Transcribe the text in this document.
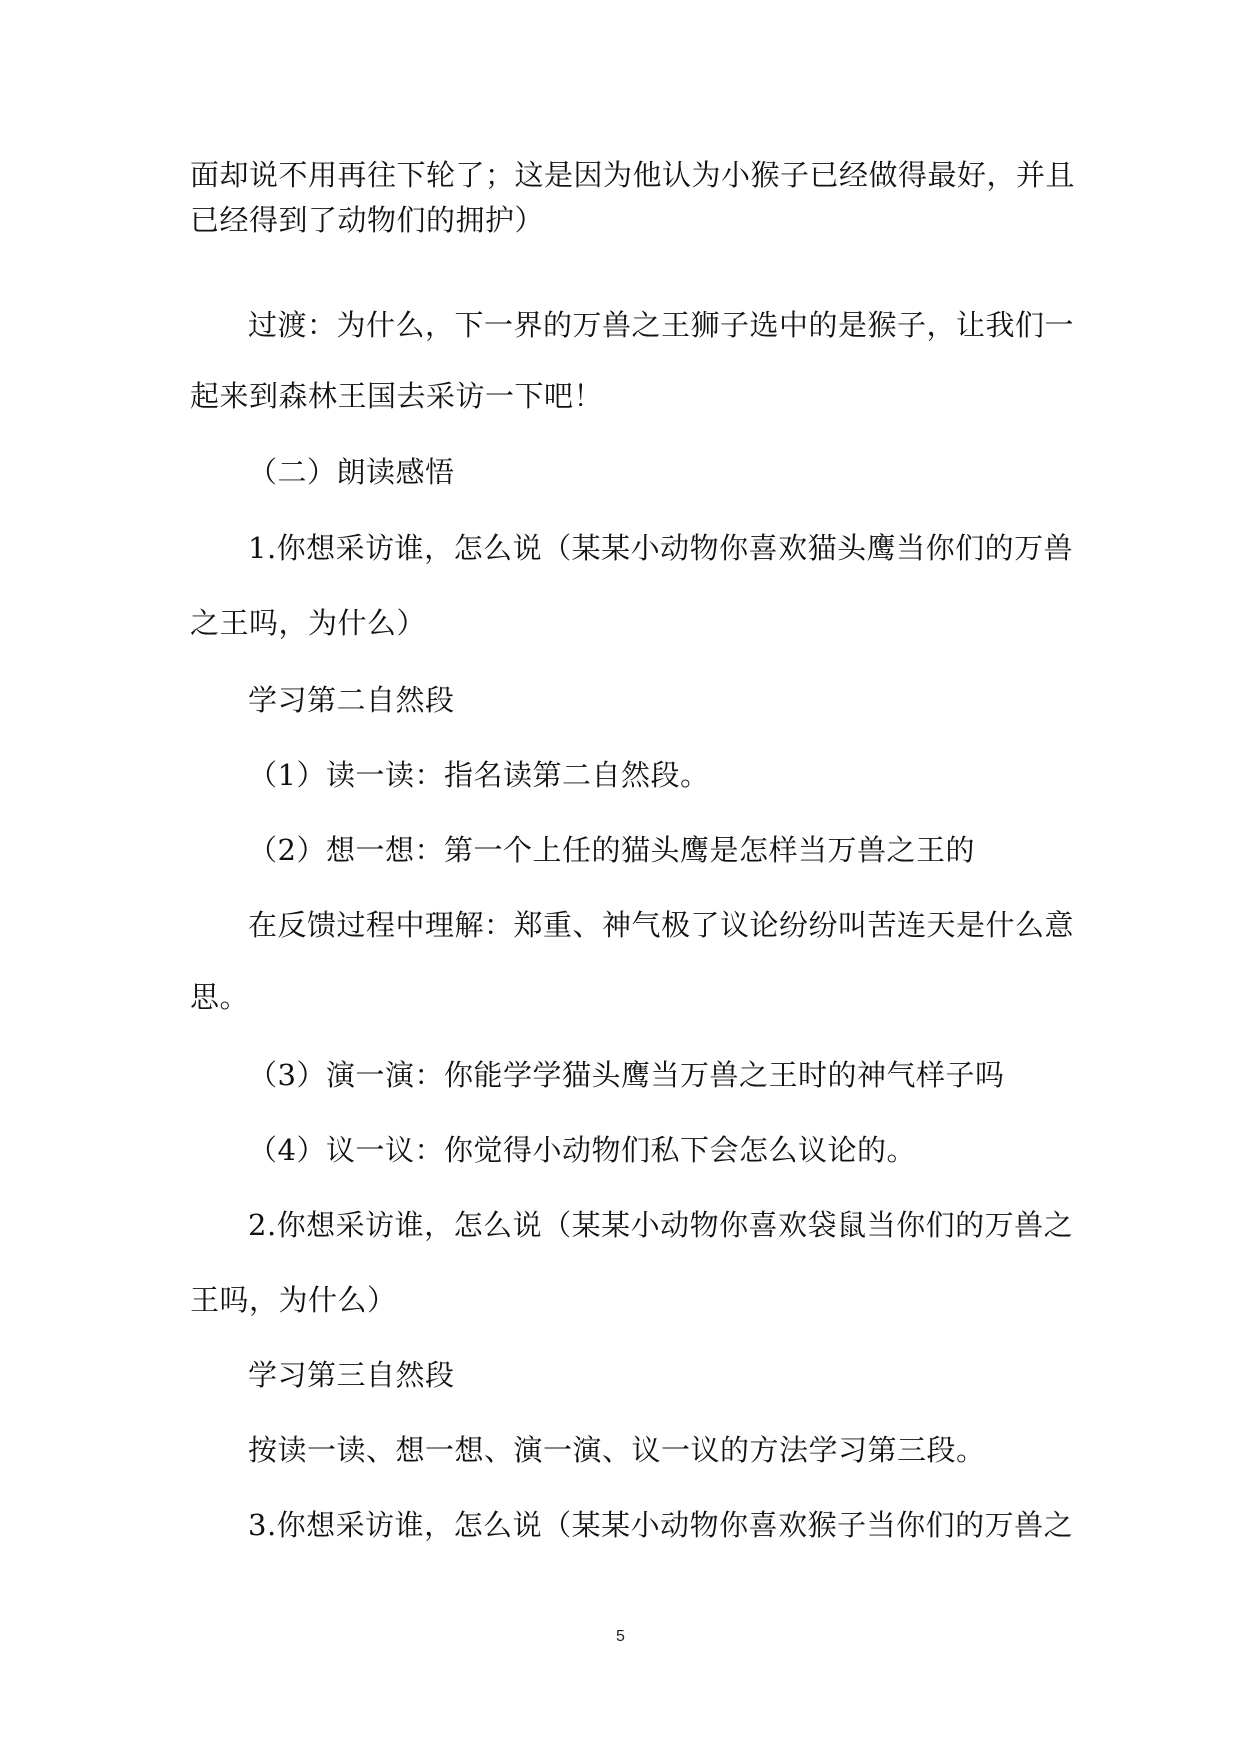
面却说不用再往下轮了；这是因为他认为小猴子已经做得最好，并且
已经得到了动物们的拥护）
过渡：为什么，下一界的万兽之王狮子选中的是猴子，让我们一
起来到森林王国去采访一下吧！
（二）朗读感悟
1.你想采访谁，怎么说（某某小动物你喜欢猫头鹰当你们的万兽
之王吗，为什么）
学习第二自然段
（1）读一读：指名读第二自然段。
（2）想一想：第一个上任的猫头鹰是怎样当万兽之王的
在反馈过程中理解：郑重、神气极了议论纷纷叫苦连天是什么意
思。
（3）演一演：你能学学猫头鹰当万兽之王时的神气样子吗
（4）议一议：你觉得小动物们私下会怎么议论的。
2.你想采访谁，怎么说（某某小动物你喜欢袋鼠当你们的万兽之
王吗，为什么）
学习第三自然段
按读一读、想一想、演一演、议一议的方法学习第三段。
3.你想采访谁，怎么说（某某小动物你喜欢猴子当你们的万兽之
5
